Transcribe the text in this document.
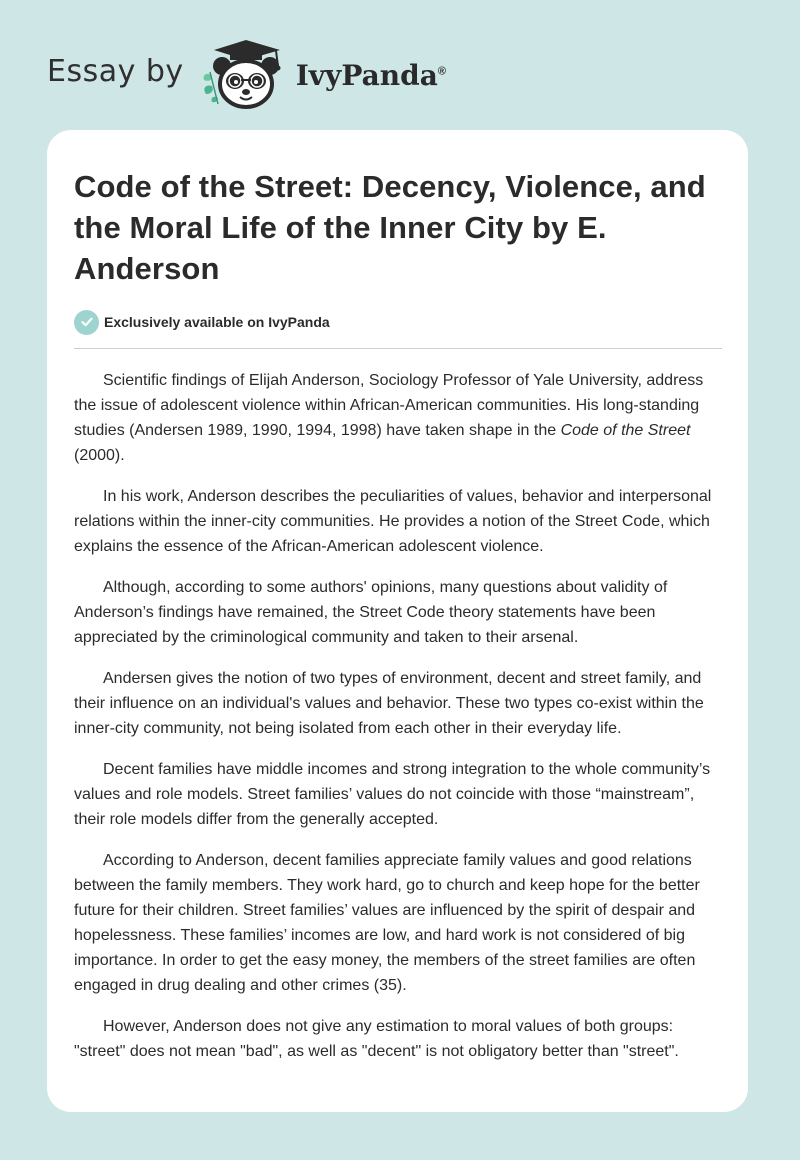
Essay by	IvyPanda®
Code of the Street: Decency, Violence, and the Moral Life of the Inner City by E. Anderson
Exclusively available on IvyPanda

Scientific findings of Elijah Anderson, Sociology Professor of Yale University, address the issue of adolescent violence within African-American communities. His long-standing studies (Andersen 1989, 1990, 1994, 1998) have taken shape in the Code of the Street (2000).

In his work, Anderson describes the peculiarities of values, behavior and interpersonal relations within the inner-city communities. He provides a notion of the Street Code, which explains the essence of the African-American adolescent violence.

Although, according to some authors' opinions, many questions about validity of Anderson’s findings have remained, the Street Code theory statements have been appreciated by the criminological community and taken to their arsenal.

Andersen gives the notion of two types of environment, decent and street family, and their influence on an individual's values and behavior. These two types co-exist within the inner-city community, not being isolated from each other in their everyday life.

Decent families have middle incomes and strong integration to the whole community’s values and role models. Street families’ values do not coincide with those “mainstream”, their role models differ from the generally accepted.

According to Anderson, decent families appreciate family values and good relations between the family members. They work hard, go to church and keep hope for the better future for their children. Street families’ values are influenced by the spirit of despair and hopelessness. These families’ incomes are low, and hard work is not considered of big importance. In order to get the easy money, the members of the street families are often engaged in drug dealing and other crimes (35).

However, Anderson does not give any estimation to moral values of both groups: "street" does not mean "bad", as well as "decent" is not obligatory better than "street".
